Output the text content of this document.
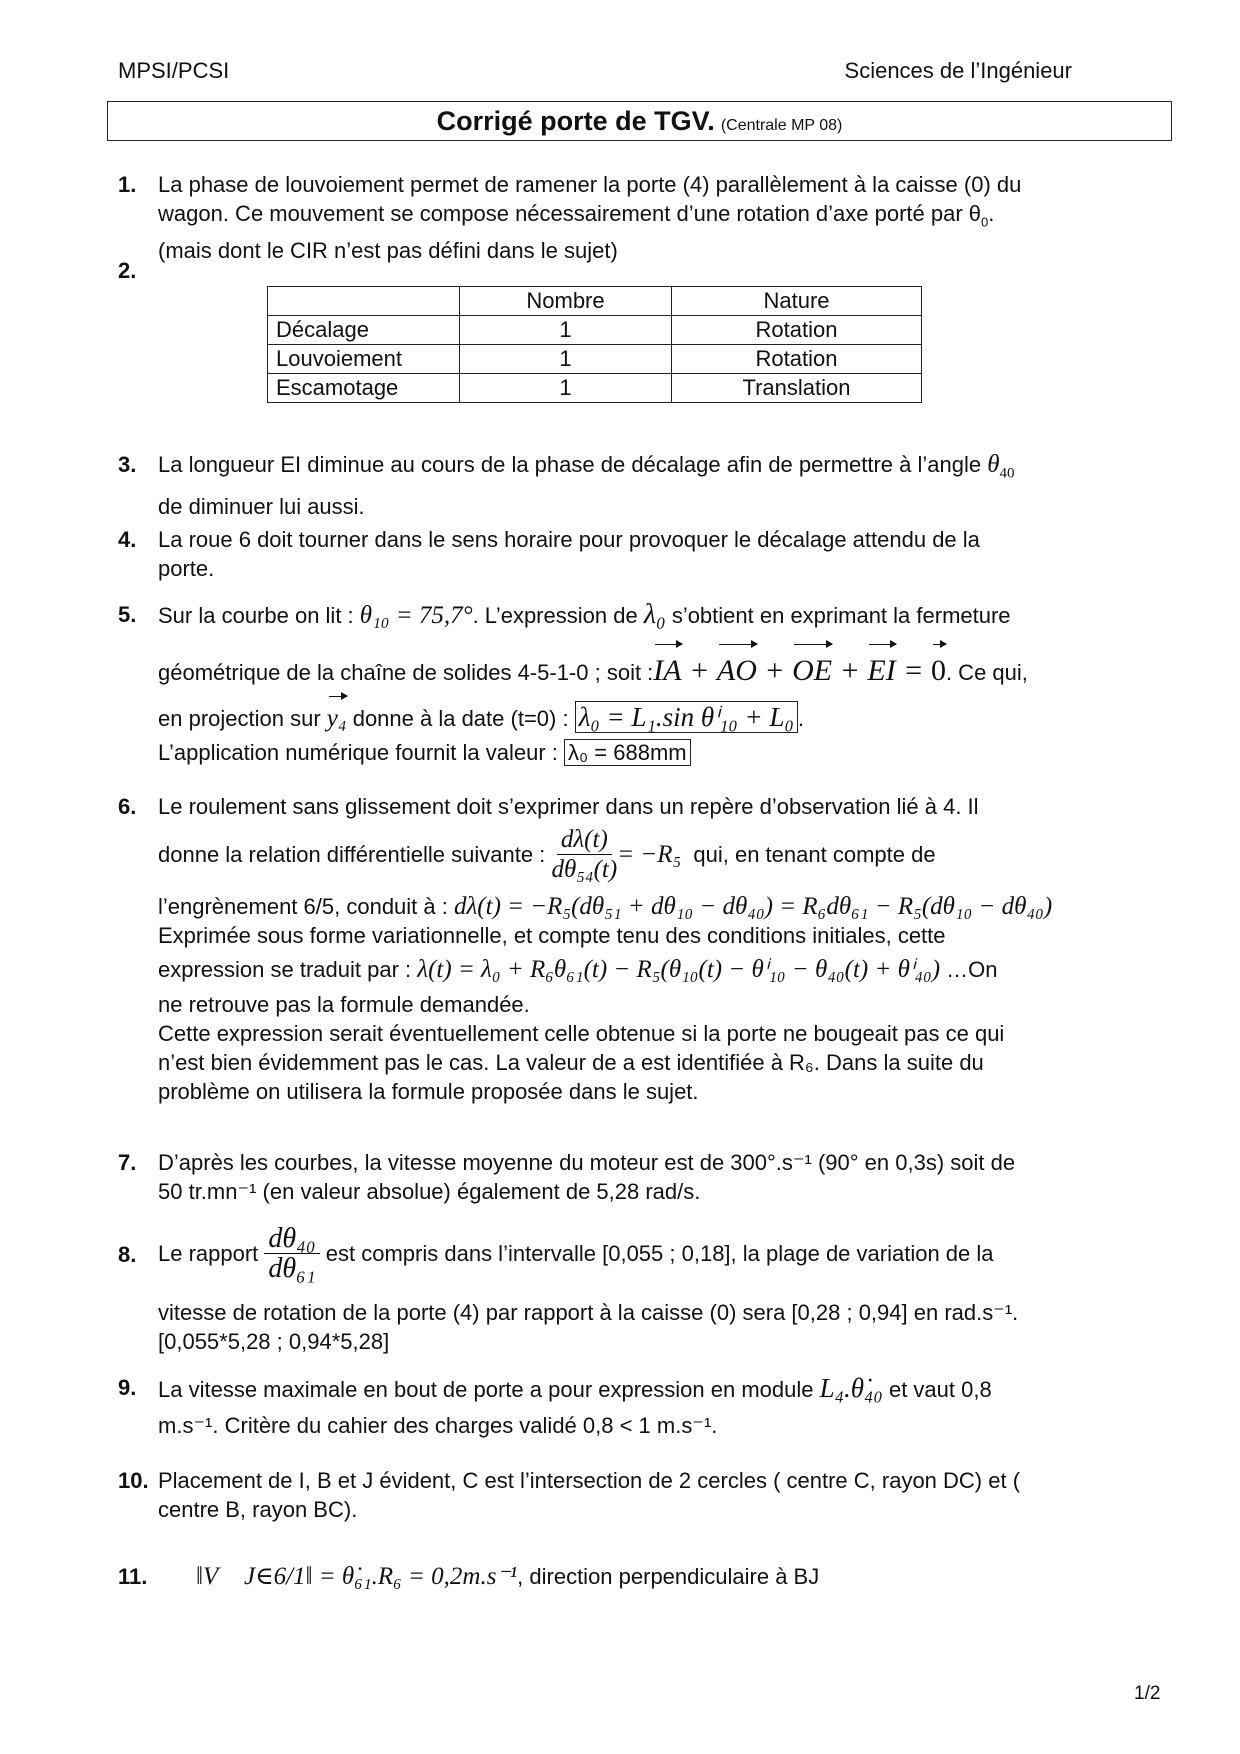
MPSI/PCSI	Sciences de l’Ingénieur
Corrigé porte de TGV. (Centrale MP 08)
1. La phase de louvoiement permet de ramener la porte (4) parallèlement à la caisse (0) du
wagon. Ce mouvement se compose nécessairement d’une rotation d’axe porté par $\theta_0$.
(mais dont le CIR n’est pas défini dans le sujet)
2.
	Nombre	Nature
Décalage	1	Rotation
Louvoiement	1	Rotation
Escamotage	1	Translation
3. La longueur EI diminue au cours de la phase de décalage afin de permettre à l’angle $\theta_{40}$
de diminuer lui aussi.
4. La roue 6 doit tourner dans le sens horaire pour provoquer le décalage attendu de la
porte.
5. Sur la courbe on lit : θ₁₀ = 75,7°. L’expression de λ₀ s’obtient en exprimant la fermeture
géométrique de la chaîne de solides 4-5-1-0 ; soit :IA + AO + OE + EI = 0. Ce qui,
en projection sur y₄ donne à la date (t=0) : λ₀ = L₁.sin θⁱ₁₀ + L₀ .
L’application numérique fournit la valeur : λ₀ = 688mm
6. Le roulement sans glissement doit s’exprimer dans un repère d’observation lié à 4. Il
donne la relation différentielle suivante :
$\frac{d\lambda(t)}{\text{dθ₅₄(t)}} = -R_5$
qui, en tenant compte de
l’engrènement 6/5, conduit à : dλ(t) = −R₅(dθ₅₁ + dθ₁₀ − dθ₄₀) = R₆dθ₆₁ − R₅(dθ₁₀ − dθ₄₀)
Exprimée sous forme variationnelle, et compte tenu des conditions initiales, cette
expression se traduit par : λ(t) = λ₀ + R₆θ₆₁(t) − R₅(θ₁₀(t) − θⁱ₁₀ − θ₄₀(t) + θⁱ₄₀) …On
ne retrouve pas la formule demandée.
Cette expression serait éventuellement celle obtenue si la porte ne bougeait pas ce qui
n’est bien évidemment pas le cas. La valeur de a est identifiée à R₆. Dans la suite du
problème on utilisera la formule proposée dans le sujet.
7. D’après les courbes, la vitesse moyenne du moteur est de 300°.s⁻¹ (90° en 0,3s) soit de
50 tr.mn⁻¹ (en valeur absolue) également de 5,28 rad/s.
8. Le rapport
$\frac{\text{dθ₄₀}}{\text{dθ₆₁}}$
est compris dans l’intervalle [0,055 ; 0,18], la plage de variation de la
vitesse de rotation de la porte (4) par rapport à la caisse (0) sera [0,28 ; 0,94] en rad.s⁻¹.
[0,055*5,28 ; 0,94*5,28]
9. La vitesse maximale en bout de porte a pour expression en module L₄.θ̇₄₀ et vaut 0,8
m.s⁻¹. Critère du cahier des charges validé 0,8 < 1 m.s⁻¹.
10. Placement de I, B et J évident, C est l’intersection de 2 cercles ( centre C, rayon DC) et (
centre B, rayon BC).
11. ‖V⃗ J∈6/1‖ = θ̇₆₁.R₆ = 0,2m.s⁻¹, direction perpendiculaire à BJ
1/2
